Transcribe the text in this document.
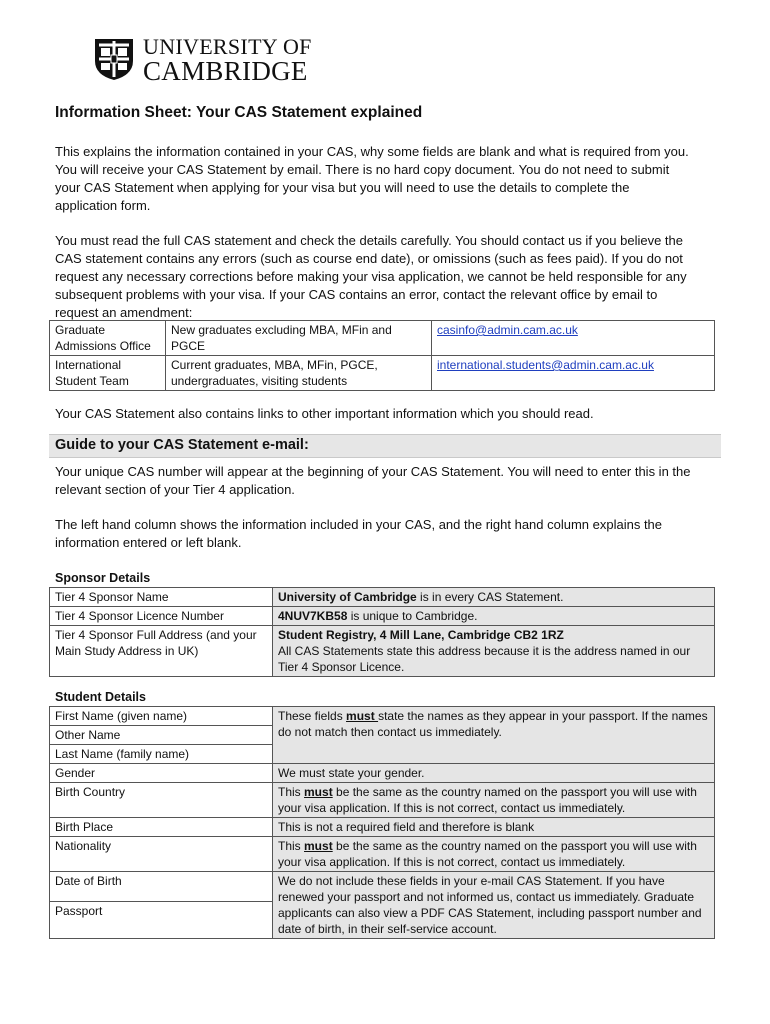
UNIVERSITY OF
CAMBRIDGE
Information Sheet: Your CAS Statement explained
This explains the information contained in your CAS, why some fields are blank and what is required from you. You will receive your CAS Statement by email. There is no hard copy document. You do not need to submit your CAS Statement when applying for your visa but you will need to use the details to complete the application form.
You must read the full CAS statement and check the details carefully. You should contact us if you believe the CAS statement contains any errors (such as course end date), or omissions (such as fees paid). If you do not request any necessary corrections before making your visa application, we cannot be held responsible for any subsequent problems with your visa. If your CAS contains an error, contact the relevant office by email to request an amendment:
Graduate Admissions Office	New graduates excluding MBA, MFin and PGCE	casinfo@admin.cam.ac.uk
International Student Team	Current graduates, MBA, MFin, PGCE, undergraduates, visiting students	international.students@admin.cam.ac.uk
Your CAS Statement also contains links to other important information which you should read.
Guide to your CAS Statement e-mail:
Your unique CAS number will appear at the beginning of your CAS Statement. You will need to enter this in the relevant section of your Tier 4 application.
The left hand column shows the information included in your CAS, and the right hand column explains the information entered or left blank.
Sponsor Details
Tier 4 Sponsor Name	University of Cambridge is in every CAS Statement.
Tier 4 Sponsor Licence Number	4NUV7KB58 is unique to Cambridge.
Tier 4 Sponsor Full Address (and your Main Study Address in UK)	Student Registry, 4 Mill Lane, Cambridge CB2 1RZ
All CAS Statements state this address because it is the address named in our Tier 4 Sponsor Licence.
Student Details
First Name (given name)	These fields must state the names as they appear in your passport. If the names do not match then contact us immediately.
Other Name	
Last Name (family name)	
Gender	We must state your gender.
Birth Country	This must be the same as the country named on the passport you will use with your visa application. If this is not correct, contact us immediately.
Birth Place	This is not a required field and therefore is blank
Nationality	This must be the same as the country named on the passport you will use with your visa application. If this is not correct, contact us immediately.
Date of Birth	We do not include these fields in your e-mail CAS Statement. If you have renewed your passport and not informed us, contact us immediately. Graduate applicants can also view a PDF CAS Statement, including passport number and date of birth, in their self-service account.
Passport	
